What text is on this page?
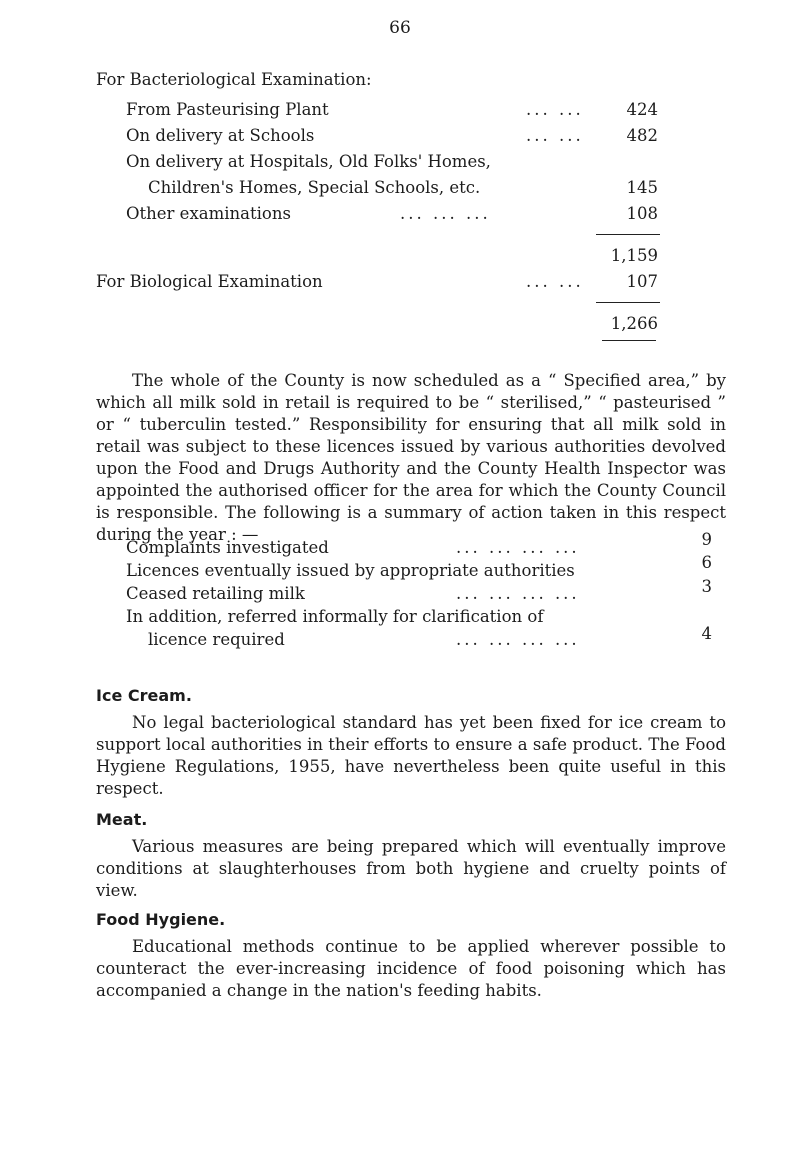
66
For Bacteriological Examination:
From Pasteurising Plant	... ...	424
On delivery at Schools	... ...	482
On delivery at Hospitals, Old Folks' Homes,
Children's Homes, Special Schools, etc.	145
Other examinations	... ... ...	108
1,159
For Biological Examination	... ...	107
1,266

The whole of the County is now scheduled as a “ Specified area,” by which all milk sold in retail is required to be “ sterilised,” “ pasteurised ” or “ tuberculin tested.” Responsibility for ensuring that all milk sold in retail was subject to these licences issued by various authorities devolved upon the Food and Drugs Authority and the County Health Inspector was appointed the authorised officer for the area for which the County Council is responsible. The following is a summary of action taken in this respect during the year : —

Complaints investigated	... ... ... ...	9
Licences eventually issued by appropriate authorities	6
Ceased retailing milk	... ... ... ...	3
In addition, referred informally for clarification of
licence required	... ... ... ...	4
Ice Cream.

No legal bacteriological standard has yet been fixed for ice cream to support local authorities in their efforts to ensure a safe product. The Food Hygiene Regulations, 1955, have nevertheless been quite useful in this respect.

Meat.

Various measures are being prepared which will eventually improve conditions at slaughterhouses from both hygiene and cruelty points of view.

Food Hygiene.

Educational methods continue to be applied wherever possible to counteract the ever-increasing incidence of food poisoning which has accompanied a change in the nation's feeding habits.
